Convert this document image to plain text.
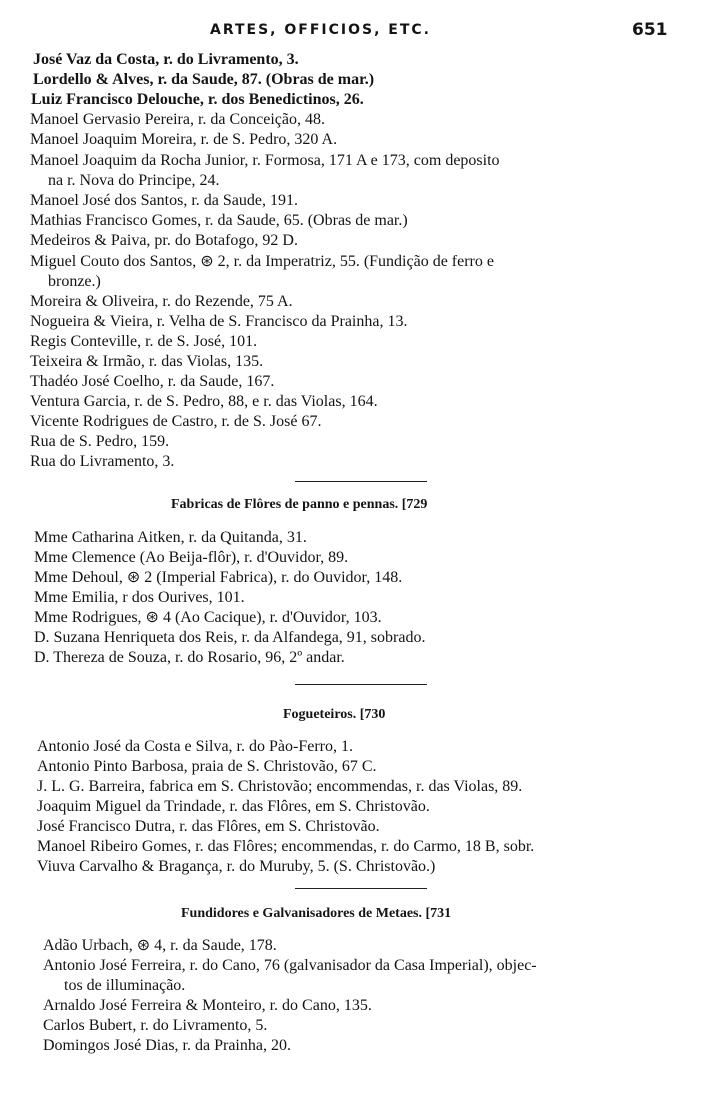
ARTES, OFFICIOS, ETC.	651
José Vaz da Costa, r. do Livramento, 3.
Lordello & Alves, r. da Saude, 87. (Obras de mar.)
Luiz Francisco Delouche, r. dos Benedictinos, 26.
Manoel Gervasio Pereira, r. da Conceição, 48.
Manoel Joaquim Moreira, r. de S. Pedro, 320 A.
Manoel Joaquim da Rocha Junior, r. Formosa, 171 A e 173, com deposito
na r. Nova do Principe, 24.
Manoel José dos Santos, r. da Saude, 191.
Mathias Francisco Gomes, r. da Saude, 65. (Obras de mar.)
Medeiros & Paiva, pr. do Botafogo, 92 D.
Miguel Couto dos Santos, ⊛ 2, r. da Imperatriz, 55. (Fundição de ferro e
bronze.)
Moreira & Oliveira, r. do Rezende, 75 A.
Nogueira & Vieira, r. Velha de S. Francisco da Prainha, 13.
Regis Conteville, r. de S. José, 101.
Teixeira & Irmão, r. das Violas, 135.
Thadéo José Coelho, r. da Saude, 167.
Ventura Garcia, r. de S. Pedro, 88, e r. das Violas, 164.
Vicente Rodrigues de Castro, r. de S. José 67.
Rua de S. Pedro, 159.
Rua do Livramento, 3.
Fabricas de Flôres de panno e pennas. [729
Mme Catharina Aitken, r. da Quitanda, 31.
Mme Clemence (Ao Beija-flôr), r. d'Ouvidor, 89.
Mme Dehoul, ⊛ 2 (Imperial Fabrica), r. do Ouvidor, 148.
Mme Emilia, r dos Ourives, 101.
Mme Rodrigues, ⊛ 4 (Ao Cacique), r. d'Ouvidor, 103.
D. Suzana Henriqueta dos Reis, r. da Alfandega, 91, sobrado.
D. Thereza de Souza, r. do Rosario, 96, 2º andar.
Fogueteiros. [730
Antonio José da Costa e Silva, r. do Pào-Ferro, 1.
Antonio Pinto Barbosa, praia de S. Christovão, 67 C.
J. L. G. Barreira, fabrica em S. Christovão; encommendas, r. das Violas, 89.
Joaquim Miguel da Trindade, r. das Flôres, em S. Christovão.
José Francisco Dutra, r. das Flôres, em S. Christovão.
Manoel Ribeiro Gomes, r. das Flôres; encommendas, r. do Carmo, 18 B, sobr.
Viuva Carvalho & Bragança, r. do Muruby, 5. (S. Christovão.)
Fundidores e Galvanisadores de Metaes. [731
Adão Urbach, ⊛ 4, r. da Saude, 178.
Antonio José Ferreira, r. do Cano, 76 (galvanisador da Casa Imperial), objec-
tos de illuminação.
Arnaldo José Ferreira & Monteiro, r. do Cano, 135.
Carlos Bubert, r. do Livramento, 5.
Domingos José Dias, r. da Prainha, 20.
